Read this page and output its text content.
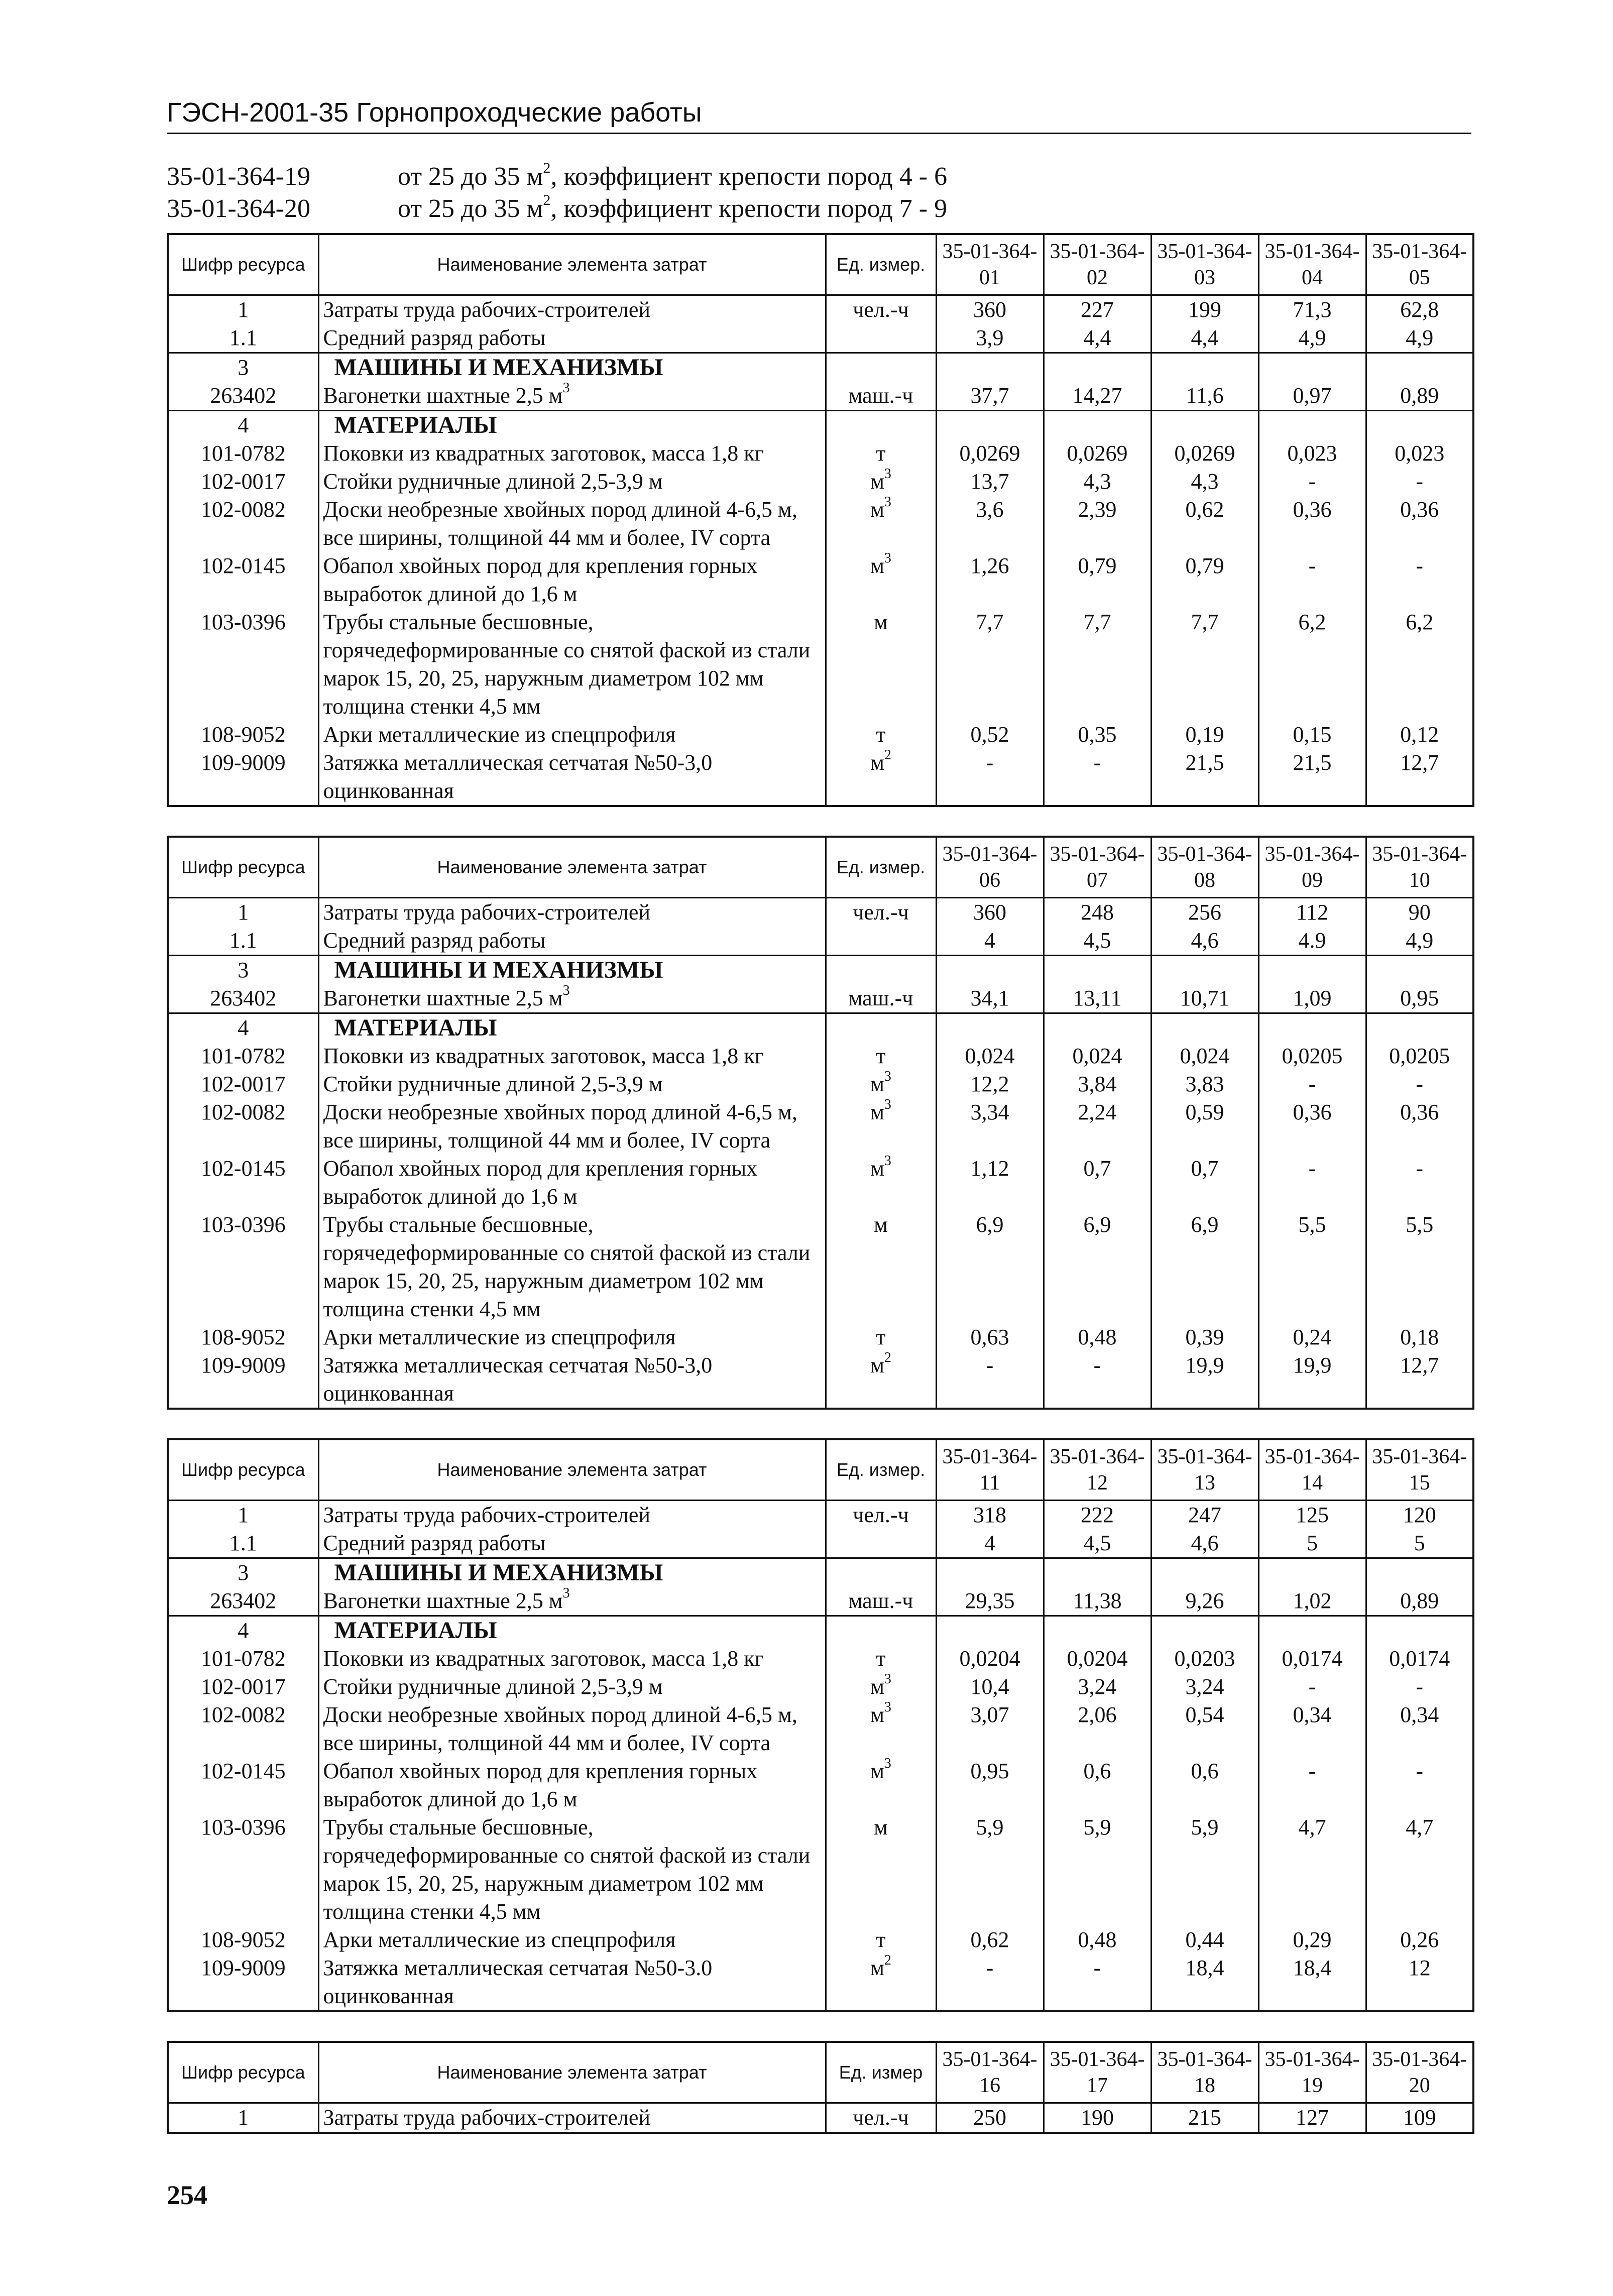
ГЭСН-2001-35 Горнопроходческие работы
35-01-364-19	от 25 до 35 $м^2$, коэффициент крепости пород 4 - 6
35-01-364-20	от 25 до 35 $м^2$, коэффициент крепости пород 7 - 9
Шифр ресурса	Наименование элемента затрат	Ед. измер.	35-01-364-01	35-01-364-02	35-01-364-03	35-01-364-04	35-01-364-05
1	Затраты труда рабочих-строителей	чел.-ч	360	227	199	71,3	62,8
1.1	Средний разряд работы		3,9	4,4	4,4	4,9	4,9
3	МАШИНЫ И МЕХАНИЗМЫ						
263402	Вагонетки шахтные 2,5 $м^3$	маш.-ч	37,7	14,27	11,6	0,97	0,89
4	МАТЕРИАЛЫ						
101-0782	Поковки из квадратных заготовок, масса 1,8 кг	т	0,0269	0,0269	0,0269	0,023	0,023
102-0017	Стойки рудничные длиной 2,5-3,9 м	$м^3$	13,7	4,3	4,3	-	-
102-0082	Доски необрезные хвойных пород длиной 4-6,5 м, все ширины, толщиной 44 мм и более, IV сорта	$м^3$	3,6	2,39	0,62	0,36	0,36
102-0145	Обапол хвойных пород для крепления горных выработок длиной до 1,6 м	$м^3$	1,26	0,79	0,79	-	-
103-0396	Трубы стальные бесшовные, горячедеформированные со снятой фаской из стали марок 15, 20, 25, наружным диаметром 102 мм толщина стенки 4,5 мм	м	7,7	7,7	7,7	6,2	6,2
108-9052	Арки металлические из спецпрофиля	т	0,52	0,35	0,19	0,15	0,12
109-9009	Затяжка металлическая сетчатая №50-3,0 оцинкованная	$м^2$	-	-	21,5	21,5	12,7
Шифр ресурса	Наименование элемента затрат	Ед. измер.	35-01-364-06	35-01-364-07	35-01-364-08	35-01-364-09	35-01-364-10
1	Затраты труда рабочих-строителей	чел.-ч	360	248	256	112	90
1.1	Средний разряд работы		4	4,5	4,6	4.9	4,9
3	МАШИНЫ И МЕХАНИЗМЫ						
263402	Вагонетки шахтные 2,5 $м^3$	маш.-ч	34,1	13,11	10,71	1,09	0,95
4	МАТЕРИАЛЫ						
101-0782	Поковки из квадратных заготовок, масса 1,8 кг	т	0,024	0,024	0,024	0,0205	0,0205
102-0017	Стойки рудничные длиной 2,5-3,9 м	$м^3$	12,2	3,84	3,83	-	-
102-0082	Доски необрезные хвойных пород длиной 4-6,5 м, все ширины, толщиной 44 мм и более, IV сорта	$м^3$	3,34	2,24	0,59	0,36	0,36
102-0145	Обапол хвойных пород для крепления горных выработок длиной до 1,6 м	$м^3$	1,12	0,7	0,7	-	-
103-0396	Трубы стальные бесшовные, горячедеформированные со снятой фаской из стали марок 15, 20, 25, наружным диаметром 102 мм толщина стенки 4,5 мм	м	6,9	6,9	6,9	5,5	5,5
108-9052	Арки металлические из спецпрофиля	т	0,63	0,48	0,39	0,24	0,18
109-9009	Затяжка металлическая сетчатая №50-3,0 оцинкованная	$м^2$	-	-	19,9	19,9	12,7
Шифр ресурса	Наименование элемента затрат	Ед. измер.	35-01-364-11	35-01-364-12	35-01-364-13	35-01-364-14	35-01-364-15
1	Затраты труда рабочих-строителей	чел.-ч	318	222	247	125	120
1.1	Средний разряд работы		4	4,5	4,6	5	5
3	МАШИНЫ И МЕХАНИЗМЫ						
263402	Вагонетки шахтные 2,5 $м^3$	маш.-ч	29,35	11,38	9,26	1,02	0,89
4	МАТЕРИАЛЫ						
101-0782	Поковки из квадратных заготовок, масса 1,8 кг	т	0,0204	0,0204	0,0203	0,0174	0,0174
102-0017	Стойки рудничные длиной 2,5-3,9 м	$м^3$	10,4	3,24	3,24	-	-
102-0082	Доски необрезные хвойных пород длиной 4-6,5 м, все ширины, толщиной 44 мм и более, IV сорта	$м^3$	3,07	2,06	0,54	0,34	0,34
102-0145	Обапол хвойных пород для крепления горных выработок длиной до 1,6 м	$м^3$	0,95	0,6	0,6	-	-
103-0396	Трубы стальные бесшовные, горячедеформированные со снятой фаской из стали марок 15, 20, 25, наружным диаметром 102 мм толщина стенки 4,5 мм	м	5,9	5,9	5,9	4,7	4,7
108-9052	Арки металлические из спецпрофиля	т	0,62	0,48	0,44	0,29	0,26
109-9009	Затяжка металлическая сетчатая №50-3.0 оцинкованная	$м^2$	-	-	18,4	18,4	12
Шифр ресурса	Наименование элемента затрат	Ед. измер	35-01-364-16	35-01-364-17	35-01-364-18	35-01-364-19	35-01-364-20
1	Затраты труда рабочих-строителей	чел.-ч	250	190	215	127	109
254
